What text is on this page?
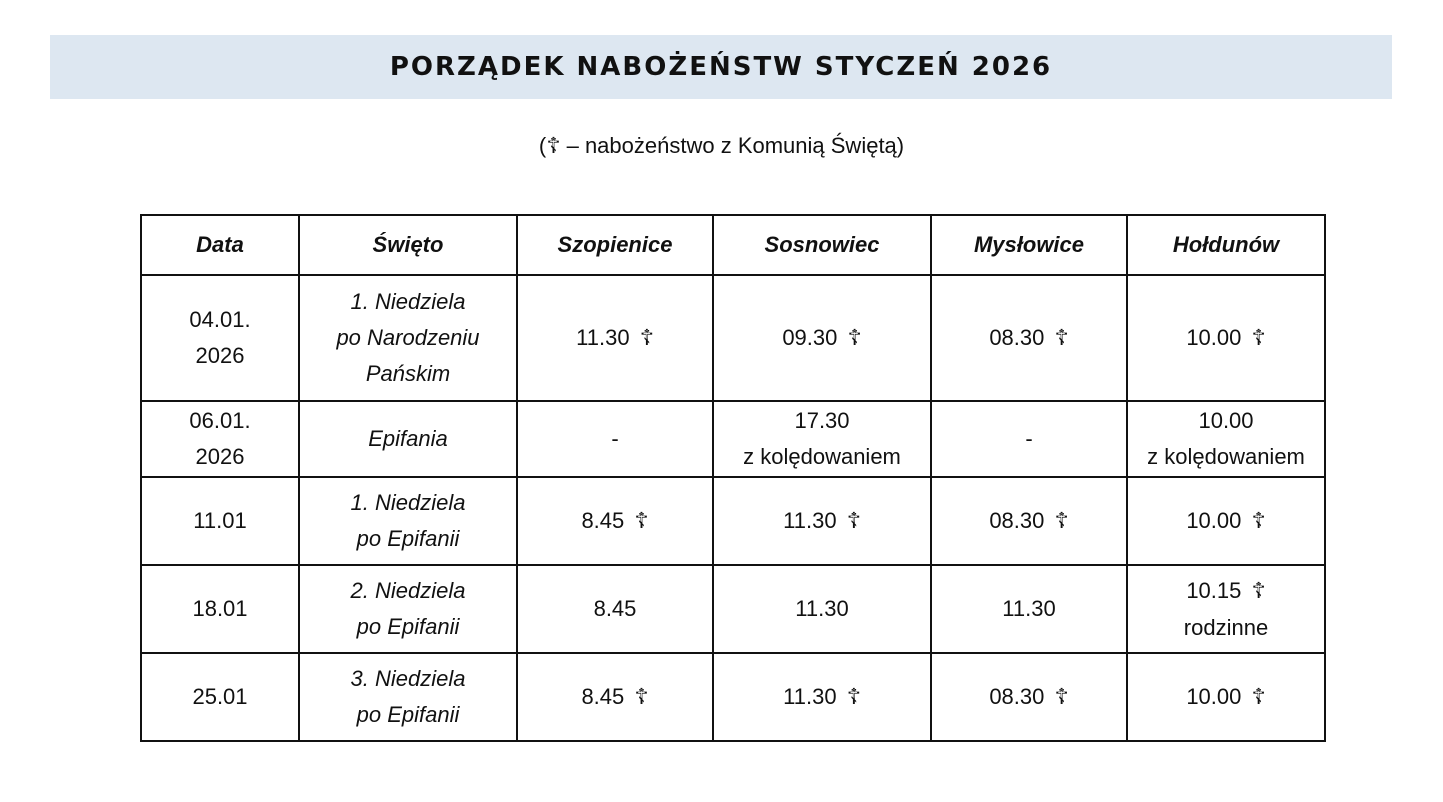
PORZĄDEK NABOŻEŃSTW STYCZEŃ 2026
(☦ – nabożeństwo z Komunią Świętą)
Data	Święto	Szopienice	Sosnowiec	Mysłowice	Hołdunów

04.01.
2026	1. Niedziela
po Narodzeniu
Pańskim	11.30 ☦	09.30 ☦	08.30 ☦	10.00 ☦

06.01.
2026	Epifania	-	17.30
z kolędowaniem	-	10.00
z kolędowaniem

11.01	1. Niedziela
po Epifanii	8.45 ☦	11.30 ☦	08.30 ☦	10.00 ☦

18.01	2. Niedziela
po Epifanii	8.45	11.30	11.30	10.15 ☦
rodzinne

25.01	3. Niedziela
po Epifanii	8.45 ☦	11.30 ☦	08.30 ☦	10.00 ☦
